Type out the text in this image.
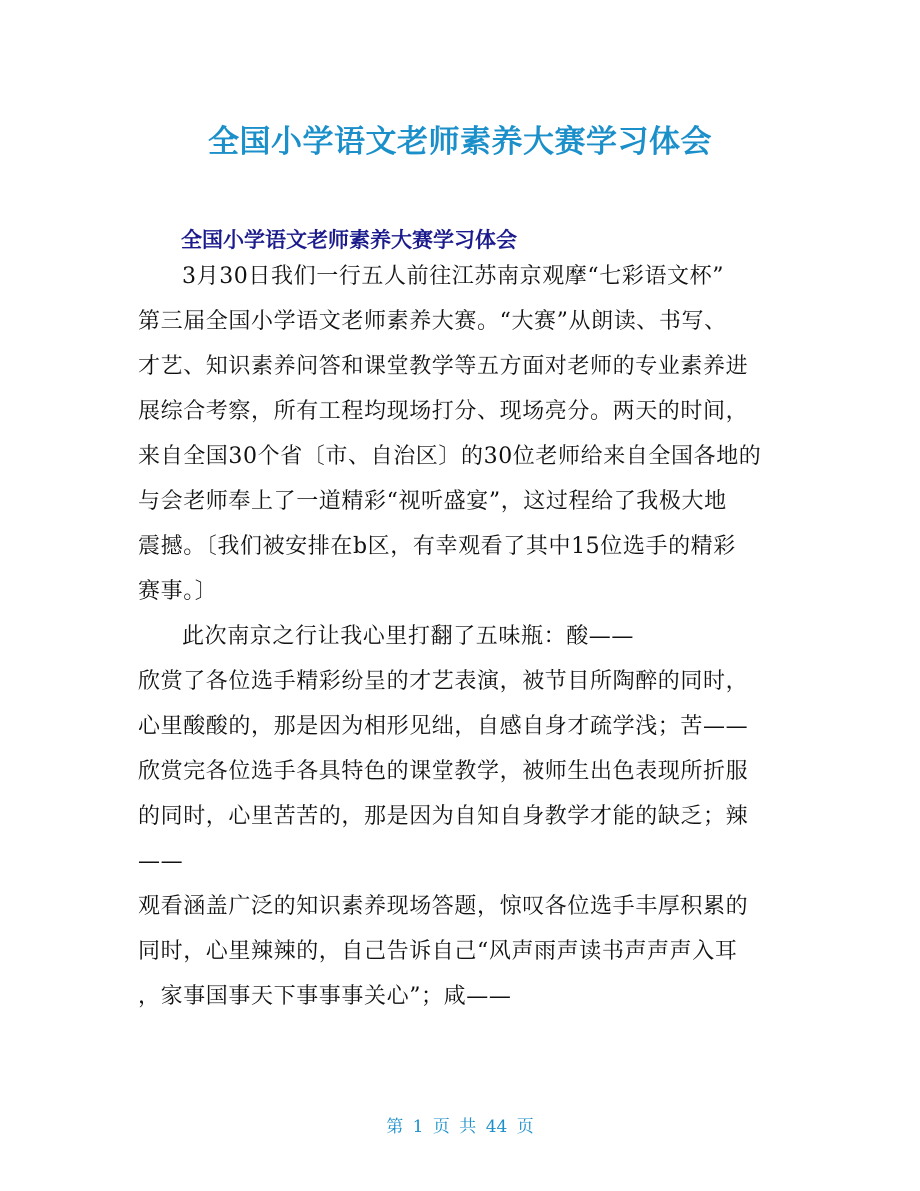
全国小学语文老师素养大赛学习体会
全国小学语文老师素养大赛学习体会
3月30日我们一行五人前往江苏南京观摩“七彩语文杯”
第三届全国小学语文老师素养大赛。“大赛”从朗读、书写、
才艺、知识素养问答和课堂教学等五方面对老师的专业素养进
展综合考察，所有工程均现场打分、现场亮分。两天的时间，
来自全国30个省〔市、自治区〕的30位老师给来自全国各地的
与会老师奉上了一道精彩“视听盛宴”，这过程给了我极大地
震撼。〔我们被安排在b区，有幸观看了其中15位选手的精彩
赛事。〕
此次南京之行让我心里打翻了五味瓶：酸——
欣赏了各位选手精彩纷呈的才艺表演，被节目所陶醉的同时，
心里酸酸的，那是因为相形见绌，自感自身才疏学浅；苦——
欣赏完各位选手各具特色的课堂教学，被师生出色表现所折服
的同时，心里苦苦的，那是因为自知自身教学才能的缺乏；辣
——
观看涵盖广泛的知识素养现场答题，惊叹各位选手丰厚积累的
同时，心里辣辣的，自己告诉自己“风声雨声读书声声声入耳
，家事国事天下事事事关心”；咸——
第 1 页 共 44 页
